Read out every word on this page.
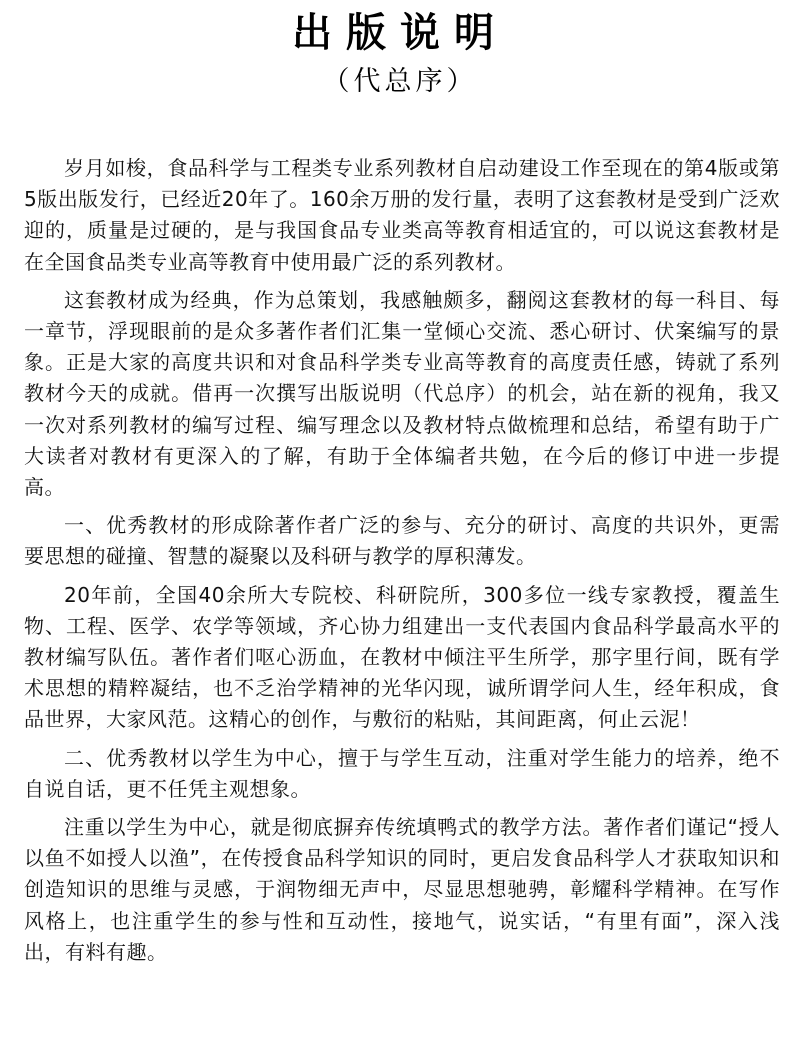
出版说明
（代总序）

岁月如梭，食品科学与工程类专业系列教材自启动建设工作至现在的第4版或第5版出版发行，已经近20年了。160余万册的发行量，表明了这套教材是受到广泛欢迎的，质量是过硬的，是与我国食品专业类高等教育相适宜的，可以说这套教材是在全国食品类专业高等教育中使用最广泛的系列教材。

这套教材成为经典，作为总策划，我感触颇多，翻阅这套教材的每一科目、每一章节，浮现眼前的是众多著作者们汇集一堂倾心交流、悉心研讨、伏案编写的景象。正是大家的高度共识和对食品科学类专业高等教育的高度责任感，铸就了系列教材今天的成就。借再一次撰写出版说明（代总序）的机会，站在新的视角，我又一次对系列教材的编写过程、编写理念以及教材特点做梳理和总结，希望有助于广大读者对教材有更深入的了解，有助于全体编者共勉，在今后的修订中进一步提高。

一、优秀教材的形成除著作者广泛的参与、充分的研讨、高度的共识外，更需要思想的碰撞、智慧的凝聚以及科研与教学的厚积薄发。

20年前，全国40余所大专院校、科研院所，300多位一线专家教授，覆盖生物、工程、医学、农学等领域，齐心协力组建出一支代表国内食品科学最高水平的教材编写队伍。著作者们呕心沥血，在教材中倾注平生所学，那字里行间，既有学术思想的精粹凝结，也不乏治学精神的光华闪现，诚所谓学问人生，经年积成，食品世界，大家风范。这精心的创作，与敷衍的粘贴，其间距离，何止云泥！

二、优秀教材以学生为中心，擅于与学生互动，注重对学生能力的培养，绝不自说自话，更不任凭主观想象。

注重以学生为中心，就是彻底摒弃传统填鸭式的教学方法。著作者们谨记“授人以鱼不如授人以渔”，在传授食品科学知识的同时，更启发食品科学人才获取知识和创造知识的思维与灵感，于润物细无声中，尽显思想驰骋，彰耀科学精神。在写作风格上，也注重学生的参与性和互动性，接地气，说实话，“有里有面”，深入浅出，有料有趣。
